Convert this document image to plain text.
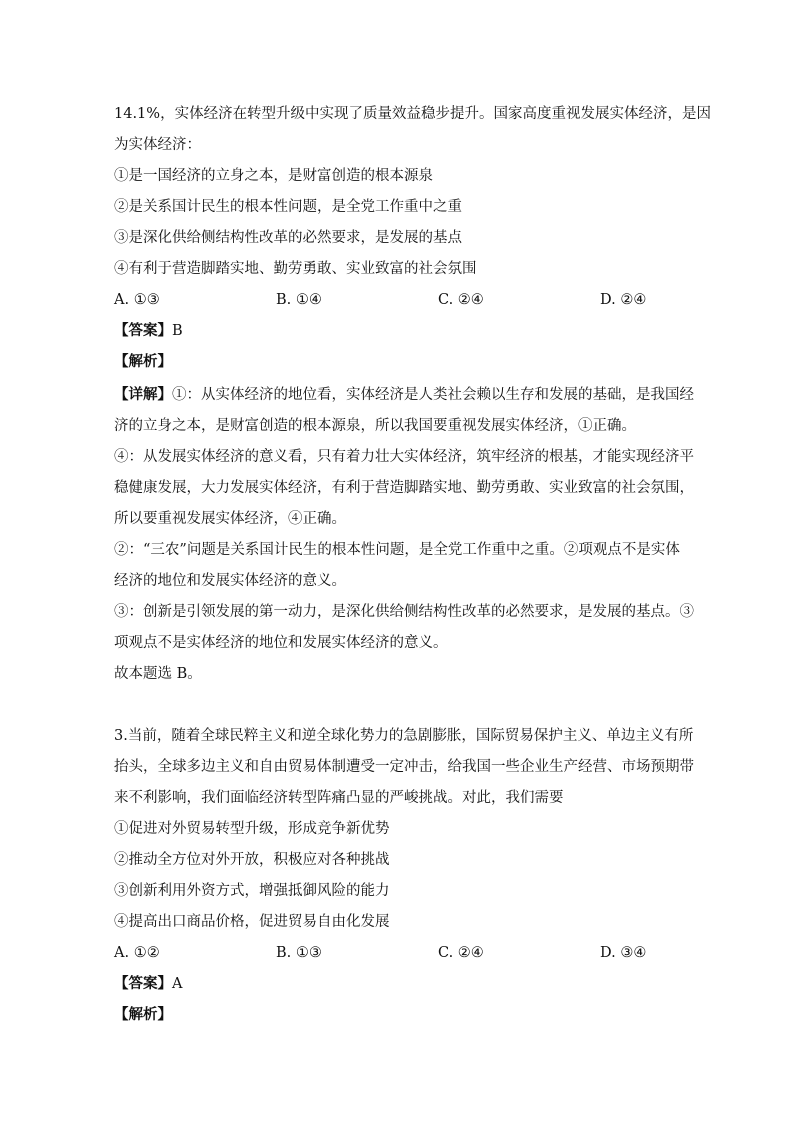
14.1%，实体经济在转型升级中实现了质量效益稳步提升。国家高度重视发展实体经济，是因
为实体经济：
①是一国经济的立身之本，是财富创造的根本源泉
②是关系国计民生的根本性问题，是全党工作重中之重
③是深化供给侧结构性改革的必然要求，是发展的基点
④有利于营造脚踏实地、勤劳勇敢、实业致富的社会氛围
A. ①③	B. ①④	C. ②④	D. ②④
【答案】B
【解析】
【详解】①：从实体经济的地位看，实体经济是人类社会赖以生存和发展的基础，是我国经
济的立身之本，是财富创造的根本源泉，所以我国要重视发展实体经济，①正确。
④：从发展实体经济的意义看，只有着力壮大实体经济，筑牢经济的根基，才能实现经济平
稳健康发展，大力发展实体经济，有利于营造脚踏实地、勤劳勇敢、实业致富的社会氛围，
所以要重视发展实体经济，④正确。
②：“三农”问题是关系国计民生的根本性问题，是全党工作重中之重。②项观点不是实体
经济的地位和发展实体经济的意义。
③：创新是引领发展的第一动力，是深化供给侧结构性改革的必然要求，是发展的基点。③
项观点不是实体经济的地位和发展实体经济的意义。
故本题选 B。
3.当前，随着全球民粹主义和逆全球化势力的急剧膨胀，国际贸易保护主义、单边主义有所
抬头，全球多边主义和自由贸易体制遭受一定冲击，给我国一些企业生产经营、市场预期带
来不利影响，我们面临经济转型阵痛凸显的严峻挑战。对此，我们需要
①促进对外贸易转型升级，形成竞争新优势
②推动全方位对外开放，积极应对各种挑战
③创新利用外资方式，增强抵御风险的能力
④提高出口商品价格，促进贸易自由化发展
A. ①②	B. ①③	C. ②④	D. ③④
【答案】A
【解析】
